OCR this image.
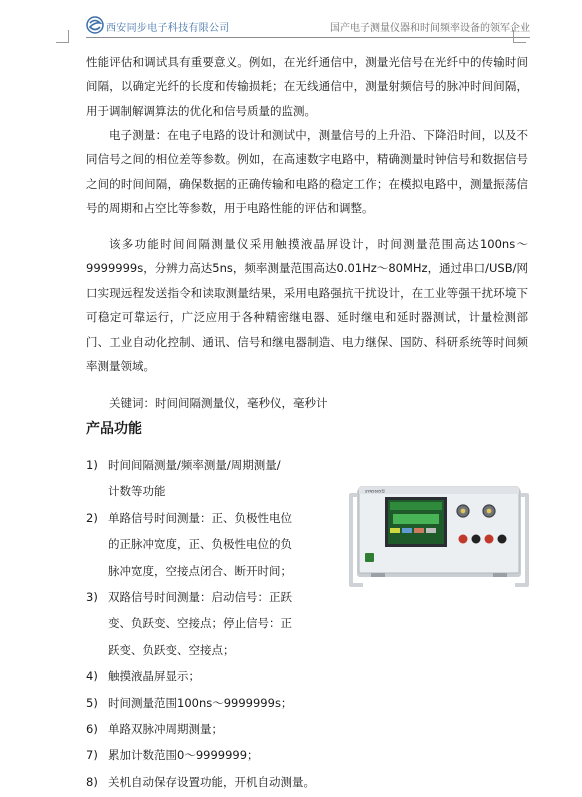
西安同步电子科技有限公司	国产电子测量仪器和时间频率设备的领军企业

性能评估和调试具有重要意义。例如，在光纤通信中，测量光信号在光纤中的传输时间间隔，以确定光纤的长度和传输损耗；在无线通信中，测量射频信号的脉冲时间间隔，用于调制解调算法的优化和信号质量的监测。

电子测量：在电子电路的设计和测试中，测量信号的上升沿、下降沿时间，以及不同信号之间的相位差等参数。例如，在高速数字电路中，精确测量时钟信号和数据信号之间的时间间隔，确保数据的正确传输和电路的稳定工作；在模拟电路中，测量振荡信号的周期和占空比等参数，用于电路性能的评估和调整。

该多功能时间间隔测量仪采用触摸液晶屏设计，时间测量范围高达100ns～9999999s，分辨力高达5ns，频率测量范围高达0.01Hz～80MHz，通过串口/USB/网口实现远程发送指令和读取测量结果，采用电路强抗干扰设计，在工业等强干扰环境下可稳定可靠运行，广泛应用于各种精密继电器、延时继电和延时器测试，计量检测部门、工业自动化控制、通讯、信号和继电器制造、电力继保、国防、科研系统等时间频率测量领域。

关键词：时间间隔测量仪，毫秒仪，毫秒计

产品功能
1) 时间间隔测量/频率测量/周期测量/
计数等功能
2) 单路信号时间测量：正、负极性电位
的正脉冲宽度，正、负极性电位的负
脉冲宽度，空接点闭合、断开时间；
3) 双路信号时间测量：启动信号：正跃
变、负跃变、空接点；停止信号：正
跃变、负跃变、空接点；
4) 触摸液晶屏显示；
5) 时间测量范围100ns～9999999s；
6) 单路双脉冲周期测量；
7) 累加计数范围0～9999999；
8) 关机自动保存设置功能，开机自动测量。
SYN5605型
